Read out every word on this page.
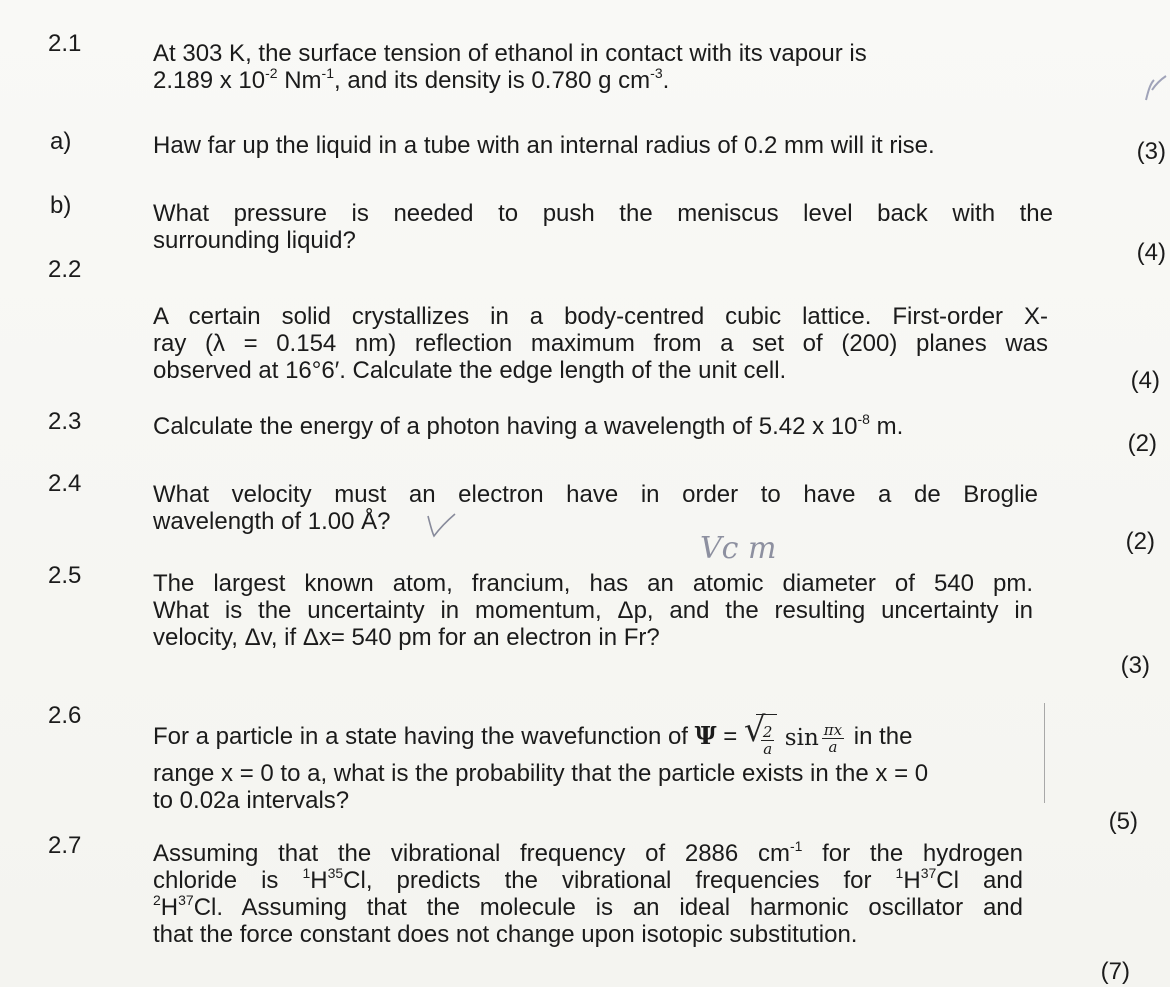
2.1	At 303 K, the surface tension of ethanol in contact with its vapour is
2.189 x $10^{-2}$ $Nm^{-1}$, and its density is 0.780 g $cm^{-3}$.
a)	Haw far up the liquid in a tube with an internal radius of 0.2 mm will it rise.	(3)
b)	What pressure is needed to push the meniscus level back with the
surrounding liquid?	(4)
2.2
A certain solid crystallizes in a body-centred cubic lattice. First-order X-
ray (λ = 0.154 nm) reflection maximum from a set of (200) planes was
observed at 16°6′. Calculate the edge length of the unit cell.	(4)
2.3	Calculate the energy of a photon having a wavelength of 5.42 x $10^{-8}$ m.
(2)
2.4	What velocity must an electron have in order to have a de Broglie
wavelength of 1.00 Å?
Vc m	(2)
2.5	The largest known atom, francium, has an atomic diameter of 540 pm.
What is the uncertainty in momentum, Δp, and the resulting uncertainty in
velocity, Δv, if Δx= 540 pm for an electron in Fr?
(3)
2.6
For a particle in a state having the wavefunction of Ψ = √
$\frac{2}{a}$ $\sin \frac{\pi x}{a}$ in the
range x = 0 to a, what is the probability that the particle exists in the x = 0
to 0.02a intervals?
(5)
2.7	Assuming that the vibrational frequency of 2886 $cm^{-1}$ for the hydrogen
chloride is $^1H^{35}Cl$, predicts the vibrational frequencies for $^1H^{37}Cl$ and
$^2H^{37}Cl$. Assuming that the molecule is an ideal harmonic oscillator and
that the force constant does not change upon isotopic substitution.
(7)
